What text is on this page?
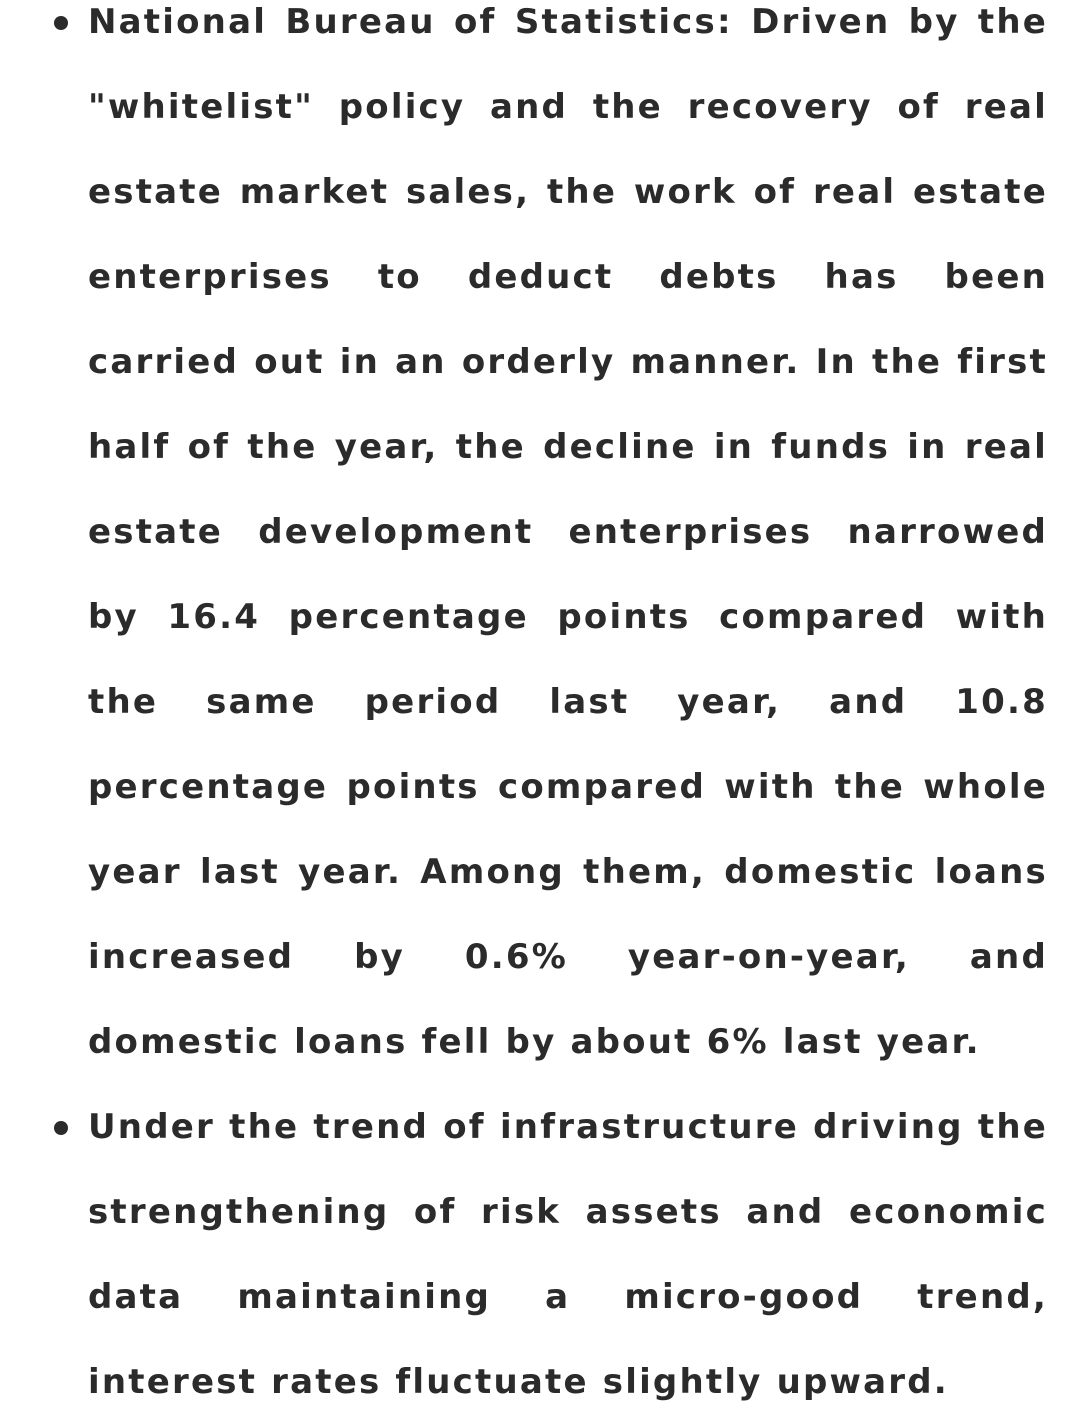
National Bureau of Statistics: Driven by the "whitelist" policy and the recovery of real estate market sales, the work of real estate enterprises to deduct debts has been carried out in an orderly manner. In the first half of the year, the decline in funds in real estate development enterprises narrowed by 16.4 percentage points compared with the same period last year, and 10.8 percentage points compared with the whole year last year. Among them, domestic loans increased by 0.6% year-on-year, and domestic loans fell by about 6% last year.
Under the trend of infrastructure driving the strengthening of risk assets and economic data maintaining a micro-good trend, interest rates fluctuate slightly upward.
